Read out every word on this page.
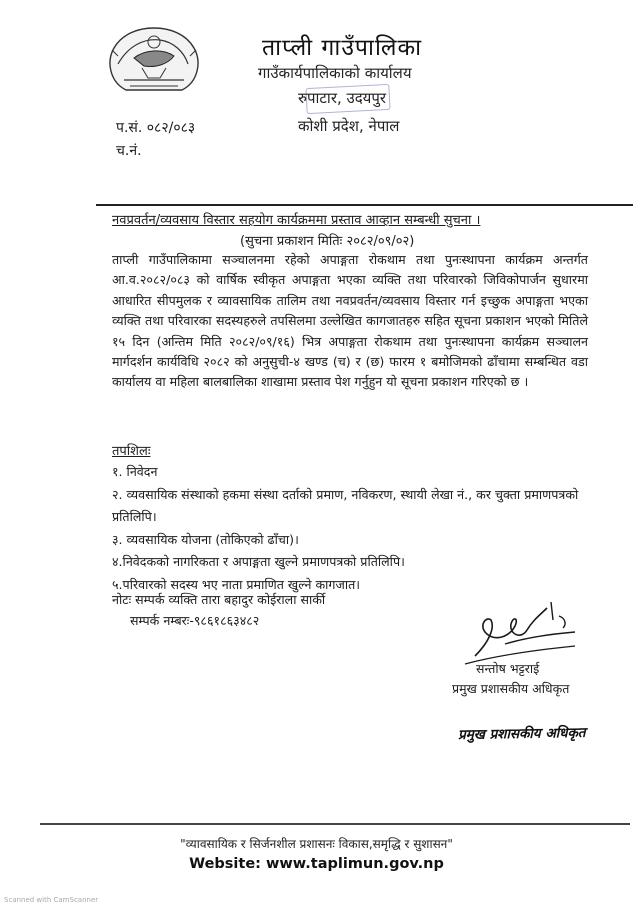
ताप्ली गाउँपालिका
गाउँकार्यपालिकाको कार्यालय
रुपाटार, उदयपुर
कोशी प्रदेश, नेपाल
प.सं. ०८२/०८३
च.नं.
नवप्रवर्तन/व्यवसाय विस्तार सहयोग कार्यक्रममा प्रस्ताव आव्हान सम्बन्धी सुचना ।
(सुचना प्रकाशन मितिः २०८२/०९/०२)
ताप्ली गाउँपालिकामा सञ्चालनमा रहेको अपाङ्गता रोकथाम तथा पुनःस्थापना कार्यक्रम अन्तर्गत आ.व.२०८२/०८३ को वार्षिक स्वीकृत अपाङ्गता भएका व्यक्ति तथा परिवारको जिविकोपार्जन सुधारमा आधारित सीपमुलक र व्यावसायिक तालिम तथा नवप्रवर्तन/व्यवसाय विस्तार गर्न इच्छुक अपाङ्गता भएका व्यक्ति तथा परिवारका सदस्यहरुले तपसिलमा उल्लेखित कागजातहरु सहित सूचना प्रकाशन भएको मितिले १५ दिन (अन्तिम मिति २०८२/०९/१६) भित्र अपाङ्गता रोकथाम तथा पुनःस्थापना कार्यक्रम सञ्चालन मार्गदर्शन कार्यविधि २०८२ को अनुसुची-४ खण्ड (च) र (छ) फारम १ बमोजिमको ढाँचामा सम्बन्धित वडा कार्यालय वा महिला बालबालिका शाखामा प्रस्ताव पेश गर्नुहुन यो सूचना प्रकाशन गरिएको छ ।
तपशिलः

१. निवेदन

२. व्यवसायिक संस्थाको हकमा संस्था दर्ताको प्रमाण, नविकरण, स्थायी लेखा नं., कर चुक्ता प्रमाणपत्रको प्रतिलिपि।

३. व्यवसायिक योजना (तोकिएको ढाँचा)।

४.निवेदकको नागरिकता र अपाङ्गता खुल्ने प्रमाणपत्रको प्रतिलिपि।

५.परिवारको सदस्य भए नाता प्रमाणित खुल्ने कागजात।

नोटः सम्पर्क व्यक्ति तारा बहादुर कोईराला सार्की
सम्पर्क नम्बरः-९८६१८६३४८२
सन्तोष भट्टराई
प्रमुख प्रशासकीय अधिकृत
प्रमुख प्रशासकीय अधिकृत
"व्यावसायिक र सिर्जनशील प्रशासनः विकास,समृद्धि र सुशासन"
Website: www.taplimun.gov.np
Scanned with CamScanner
